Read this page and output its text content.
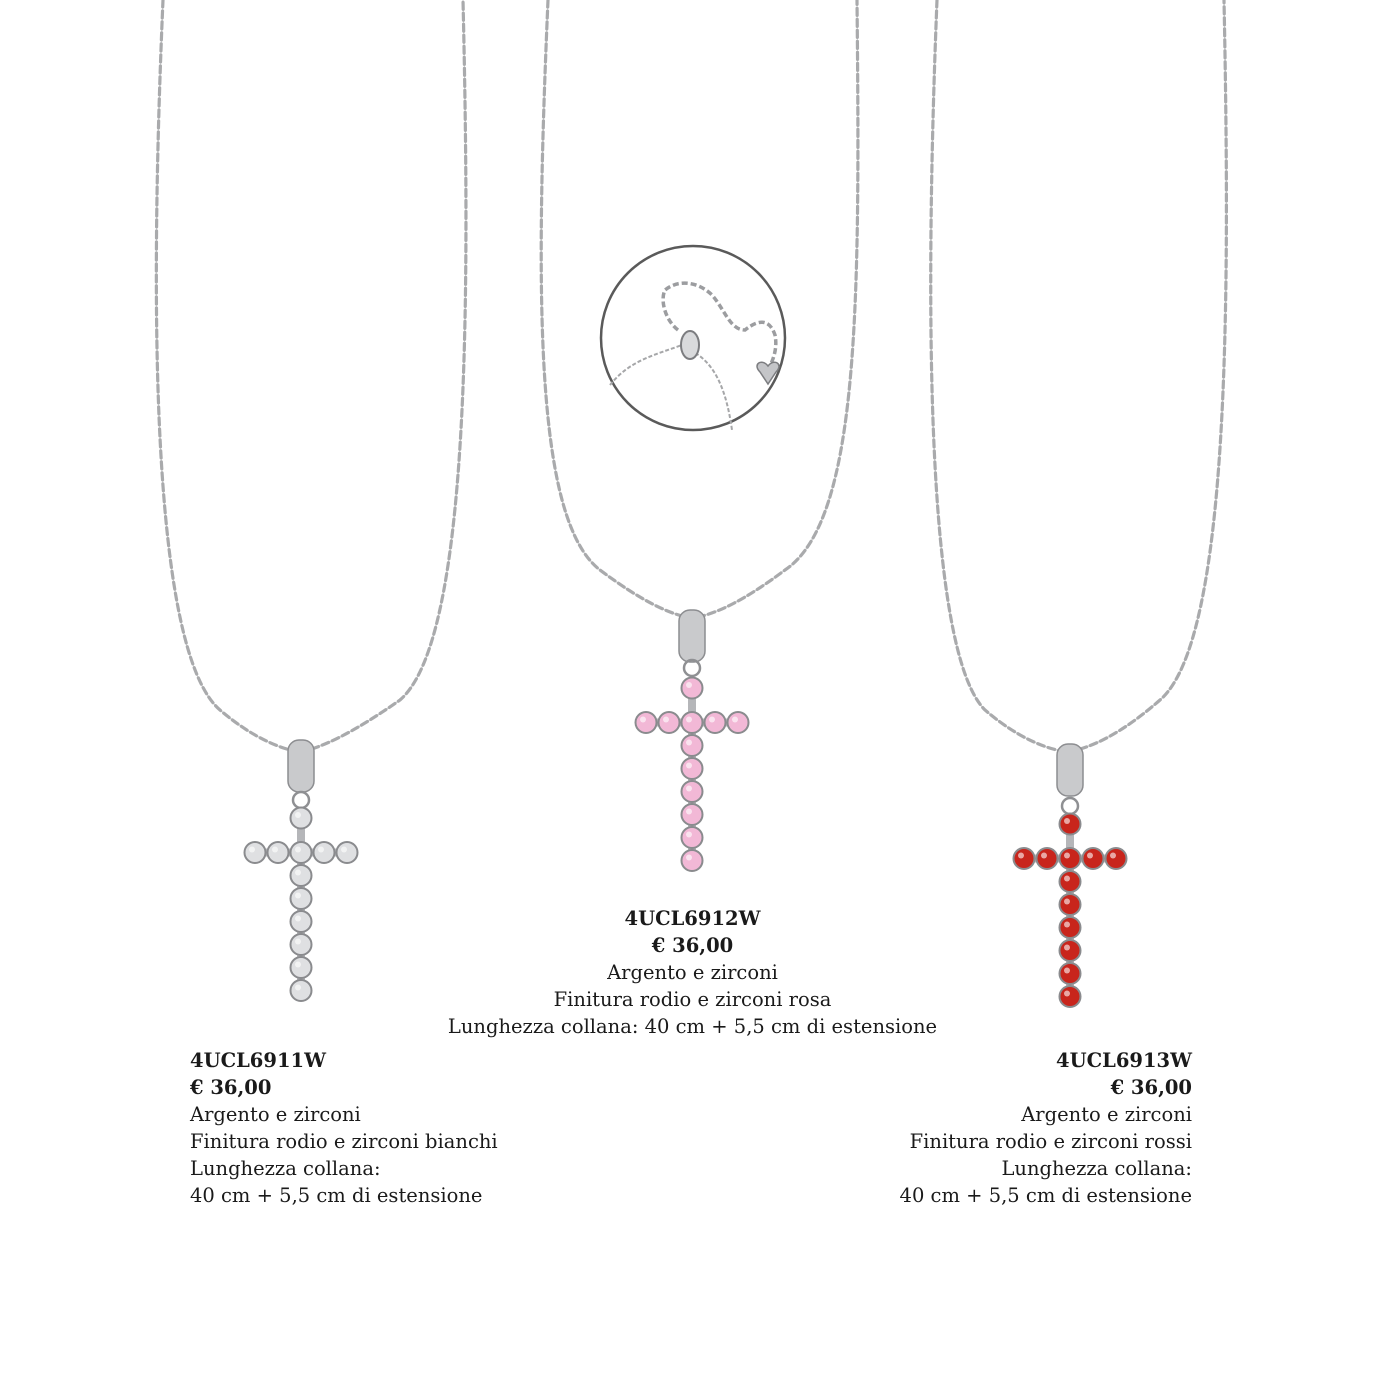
4UCL6911W
€ 36,00
Argento e zirconi
Finitura rodio e zirconi bianchi
Lunghezza collana:
40 cm + 5,5 cm di estensione
4UCL6912W
€ 36,00
Argento e zirconi
Finitura rodio e zirconi rosa
Lunghezza collana: 40 cm + 5,5 cm di estensione
4UCL6913W
€ 36,00
Argento e zirconi
Finitura rodio e zirconi rossi
Lunghezza collana:
40 cm + 5,5 cm di estensione
